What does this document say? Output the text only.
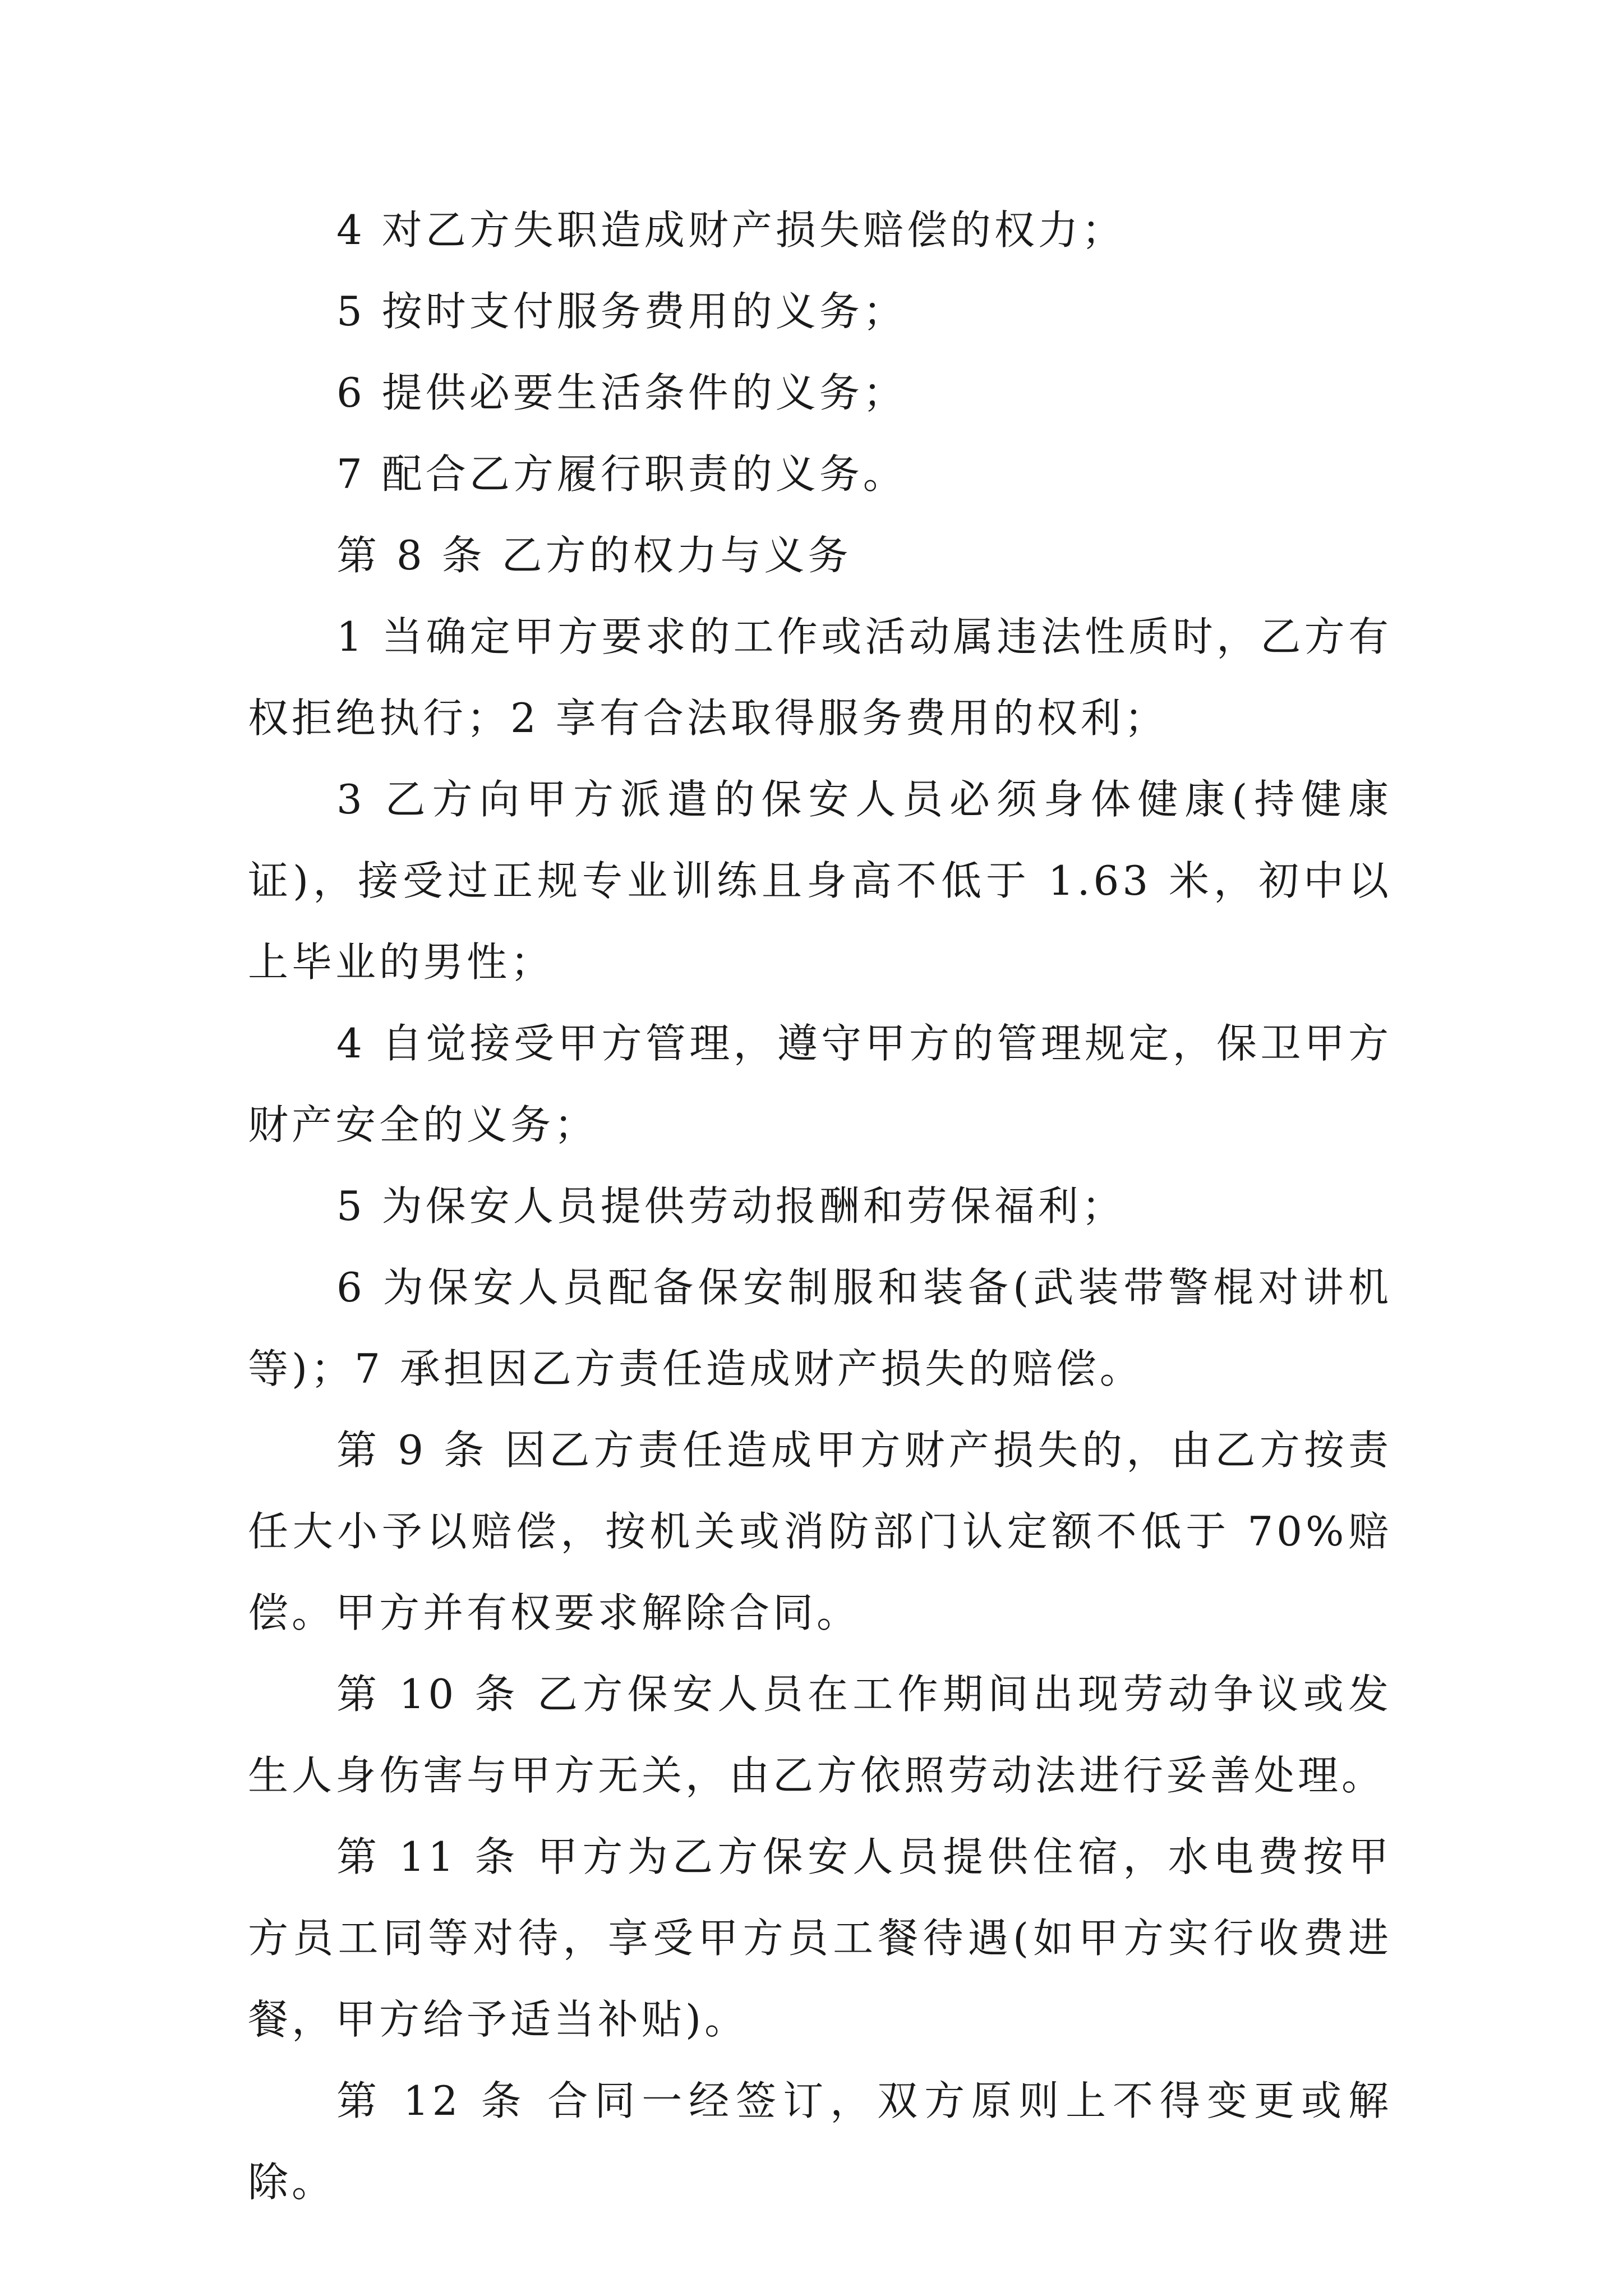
4 对乙方失职造成财产损失赔偿的权力；

5 按时支付服务费用的义务；

6 提供必要生活条件的义务；

7 配合乙方履行职责的义务。

第 8 条 乙方的权力与义务

1 当确定甲方要求的工作或活动属违法性质时，乙方有权拒绝执行；2 享有合法取得服务费用的权利；

3 乙方向甲方派遣的保安人员必须身体健康(持健康证)，接受过正规专业训练且身高不低于 1.63 米，初中以上毕业的男性；

4 自觉接受甲方管理，遵守甲方的管理规定，保卫甲方财产安全的义务；

5 为保安人员提供劳动报酬和劳保福利；

6 为保安人员配备保安制服和装备(武装带警棍对讲机等)；7 承担因乙方责任造成财产损失的赔偿。

第 9 条 因乙方责任造成甲方财产损失的，由乙方按责任大小予以赔偿，按机关或消防部门认定额不低于 70%赔偿。甲方并有权要求解除合同。

第 10 条 乙方保安人员在工作期间出现劳动争议或发生人身伤害与甲方无关，由乙方依照劳动法进行妥善处理。

第 11 条 甲方为乙方保安人员提供住宿，水电费按甲方员工同等对待，享受甲方员工餐待遇(如甲方实行收费进餐，甲方给予适当补贴)。

第 12 条 合同一经签订，双方原则上不得变更或解除。
